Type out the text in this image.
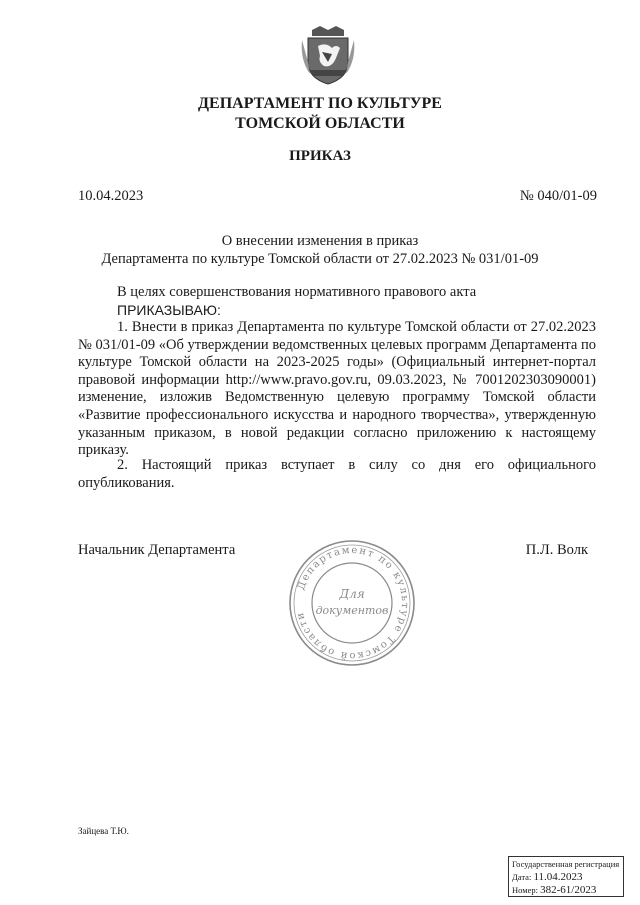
ДЕПАРТАМЕНТ ПО КУЛЬТУРЕ
ТОМСКОЙ ОБЛАСТИ
ПРИКАЗ
10.04.2023	№ 040/01-09
О внесении изменения в приказ
Департамента по культуре Томской области от 27.02.2023 № 031/01-09
В целях совершенствования нормативного правового акта
ПРИКАЗЫВАЮ:
1. Внести в приказ Департамента по культуре Томской области от 27.02.2023 № 031/01-09 «Об утверждении ведомственных целевых программ Департамента по культуре Томской области на 2023-2025 годы» (Официальный интернет-портал правовой информации http://www.pravo.gov.ru, 09.03.2023, № 7001202303090001) изменение, изложив Ведомственную целевую программу Томской области «Развитие профессионального искусства и народного творчества», утвержденную указанным приказом, в новой редакции согласно приложению к настоящему приказу.
2. Настоящий приказ вступает в силу со дня его официального опубликования.
Начальник Департамента	П.Л. Волк
Департамент по культуре Томской области
Для
документов
Зайцева Т.Ю.
Государственная регистрация
Дата: 11.04.2023
Номер: 382-61/2023
